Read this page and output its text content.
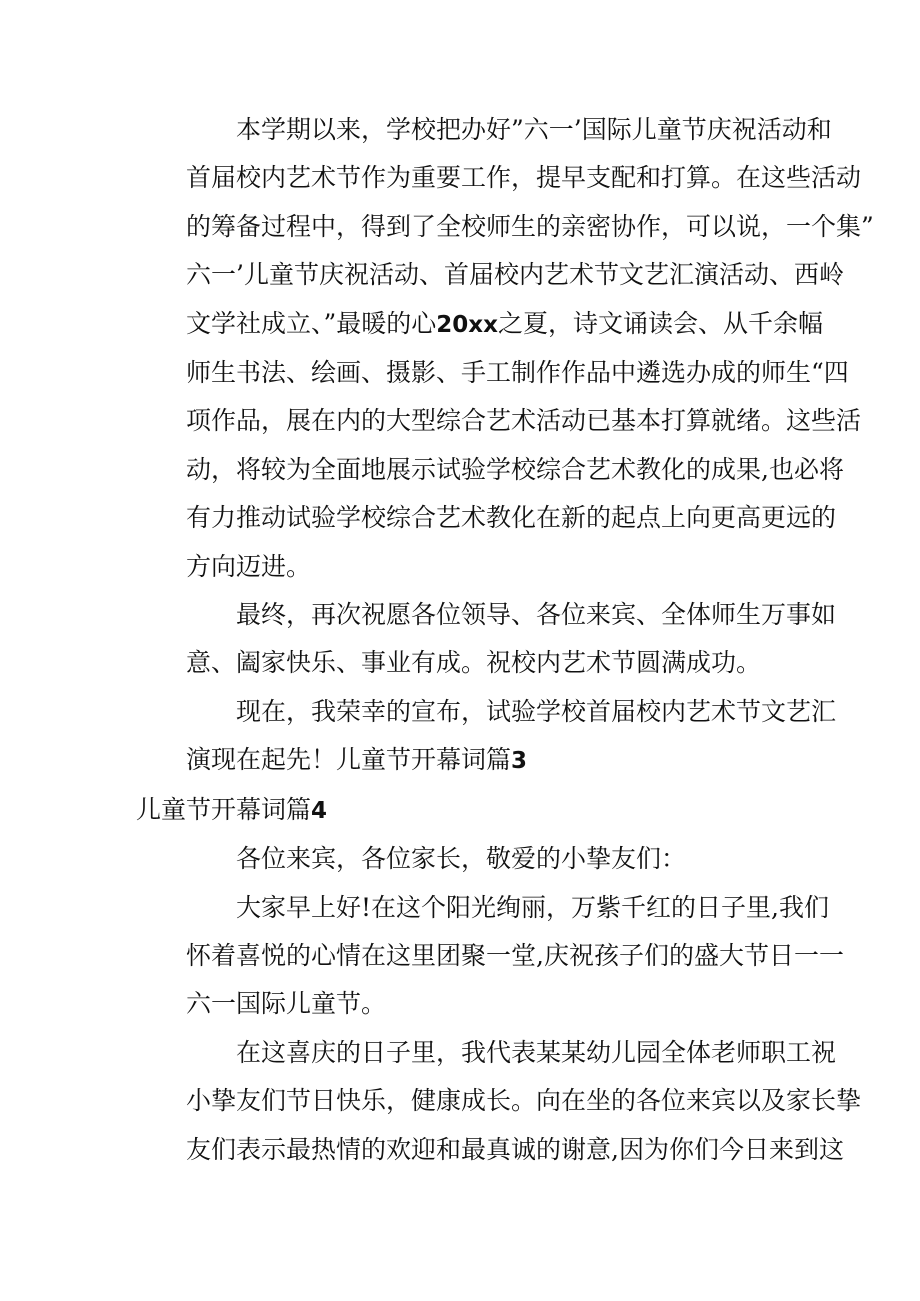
本学期以来，学校把办好”六一’国际儿童节庆祝活动和
首届校内艺术节作为重要工作，提早支配和打算。在这些活动
的筹备过程中，得到了全校师生的亲密协作，可以说，一个集”
六一’儿童节庆祝活动、首届校内艺术节文艺汇演活动、西岭
文学社成立、”最暖的心20xx之夏，诗文诵读会、从千余幅
师生书法、绘画、摄影、手工制作作品中遴选办成的师生“四
项作品，展在内的大型综合艺术活动已基本打算就绪。这些活
动，将较为全面地展示试验学校综合艺术教化的成果,也必将
有力推动试验学校综合艺术教化在新的起点上向更高更远的
方向迈进。
最终，再次祝愿各位领导、各位来宾、全体师生万事如
意、阖家快乐、事业有成。祝校内艺术节圆满成功。
现在，我荣幸的宣布，试验学校首届校内艺术节文艺汇
演现在起先！儿童节开幕词篇3
儿童节开幕词篇4
各位来宾，各位家长，敬爱的小挚友们：
大家早上好!在这个阳光绚丽，万紫千红的日子里,我们
怀着喜悦的心情在这里团聚一堂,庆祝孩子们的盛大节日一一
六一国际儿童节。
在这喜庆的日子里，我代表某某幼儿园全体老师职工祝
小挚友们节日快乐，健康成长。向在坐的各位来宾以及家长挚
友们表示最热情的欢迎和最真诚的谢意,因为你们今日来到这
